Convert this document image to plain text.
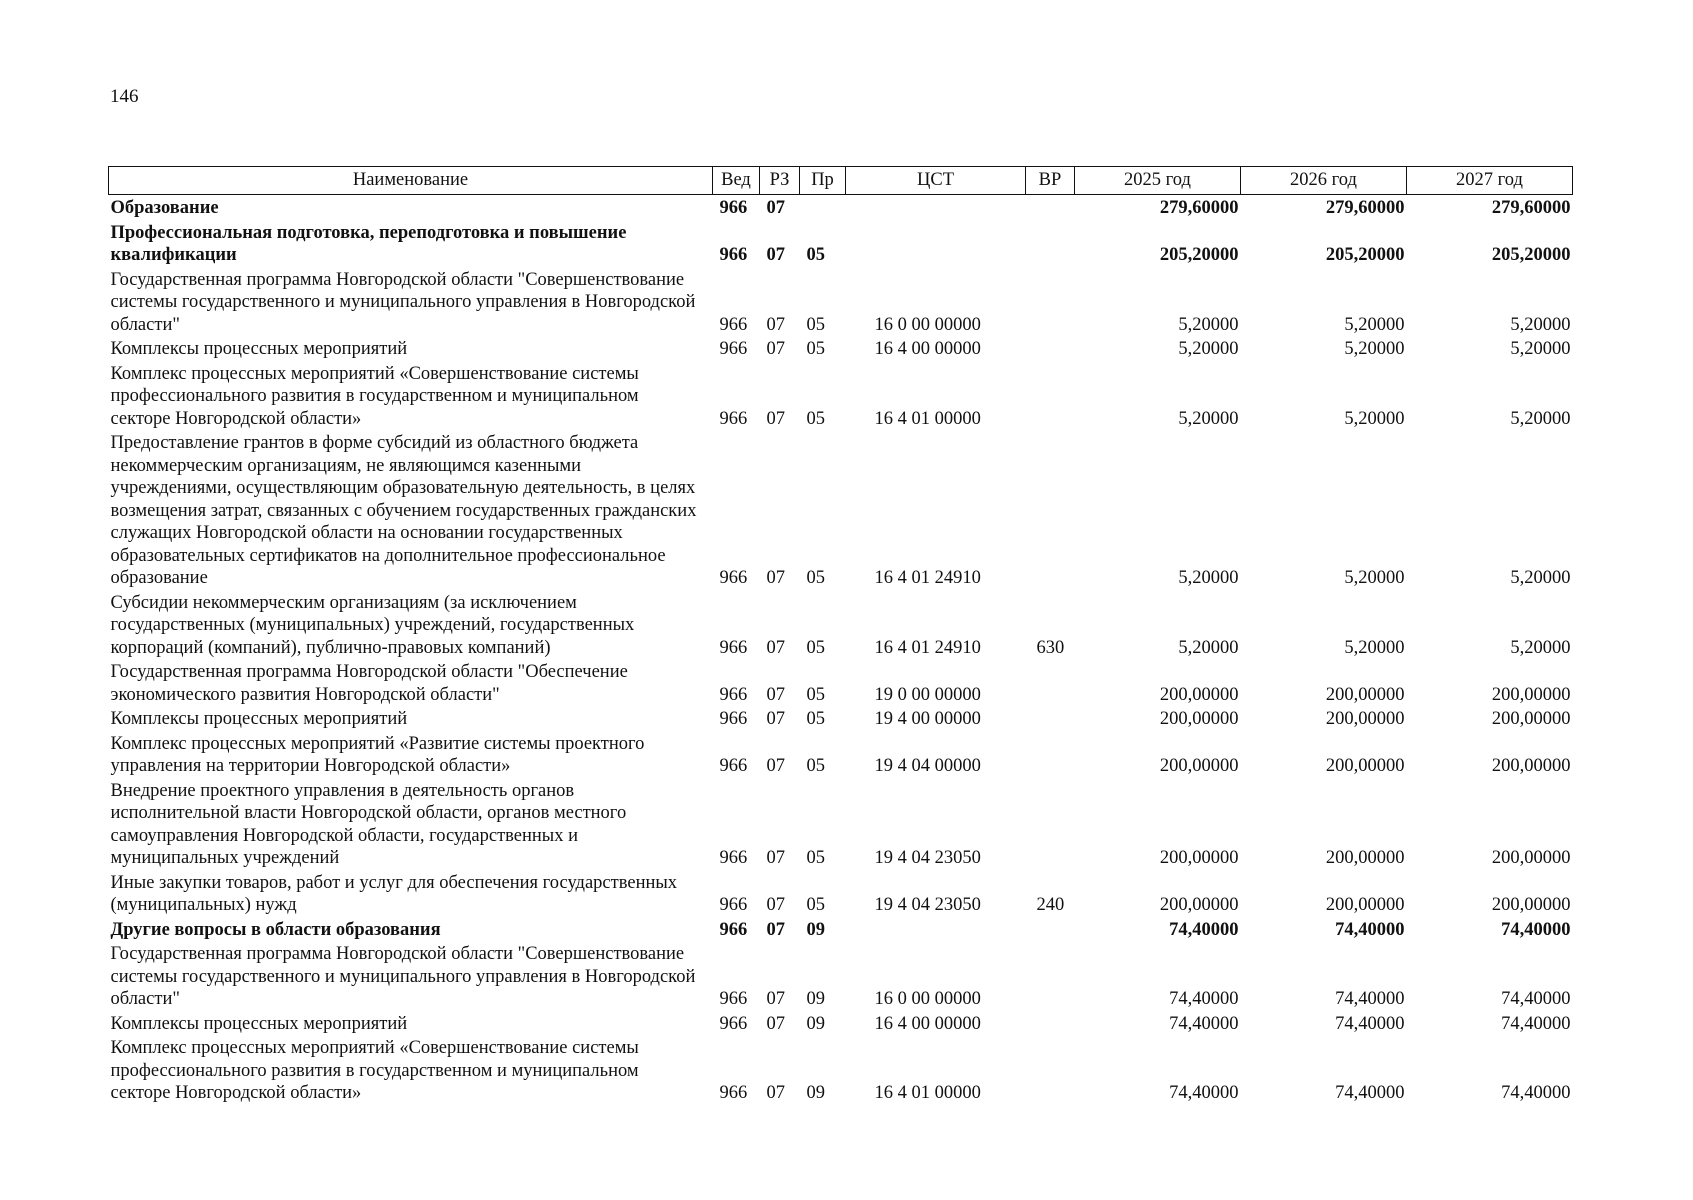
146
Наименование	Вед	РЗ	Пр	ЦСТ	ВР	2025 год	2026 год	2027 год
Образование	966	07				279,60000	279,60000	279,60000
Профессиональная подготовка, переподготовка и повышение квалификации	966	07	05			205,20000	205,20000	205,20000
Государственная программа Новгородской области "Совершенствование системы государственного и муниципального управления в Новгородской области"	966	07	05	16 0 00 00000		5,20000	5,20000	5,20000
Комплексы процессных мероприятий	966	07	05	16 4 00 00000		5,20000	5,20000	5,20000
Комплекс процессных мероприятий «Совершенствование системы профессионального развития в государственном и муниципальном секторе Новгородской области»	966	07	05	16 4 01 00000		5,20000	5,20000	5,20000
Предоставление грантов в форме субсидий из областного бюджета некоммерческим организациям, не являющимся казенными учреждениями, осуществляющим образовательную деятельность, в целях возмещения затрат, связанных с обучением государственных гражданских служащих Новгородской области на основании государственных образовательных сертификатов на дополнительное профессиональное образование	966	07	05	16 4 01 24910		5,20000	5,20000	5,20000
Субсидии некоммерческим организациям (за исключением государственных (муниципальных) учреждений, государственных корпораций (компаний), публично-правовых компаний)	966	07	05	16 4 01 24910	630	5,20000	5,20000	5,20000
Государственная программа Новгородской области "Обеспечение экономического развития Новгородской области"	966	07	05	19 0 00 00000		200,00000	200,00000	200,00000
Комплексы процессных мероприятий	966	07	05	19 4 00 00000		200,00000	200,00000	200,00000
Комплекс процессных мероприятий «Развитие системы проектного управления на территории Новгородской области»	966	07	05	19 4 04 00000		200,00000	200,00000	200,00000
Внедрение проектного управления в деятельность органов исполнительной власти Новгородской области, органов местного самоуправления Новгородской области, государственных и муниципальных учреждений	966	07	05	19 4 04 23050		200,00000	200,00000	200,00000
Иные закупки товаров, работ и услуг для обеспечения государственных (муниципальных) нужд	966	07	05	19 4 04 23050	240	200,00000	200,00000	200,00000
Другие вопросы в области образования	966	07	09			74,40000	74,40000	74,40000
Государственная программа Новгородской области "Совершенствование системы государственного и муниципального управления в Новгородской области"	966	07	09	16 0 00 00000		74,40000	74,40000	74,40000
Комплексы процессных мероприятий	966	07	09	16 4 00 00000		74,40000	74,40000	74,40000
Комплекс процессных мероприятий «Совершенствование системы профессионального развития в государственном и муниципальном секторе Новгородской области»	966	07	09	16 4 01 00000		74,40000	74,40000	74,40000
